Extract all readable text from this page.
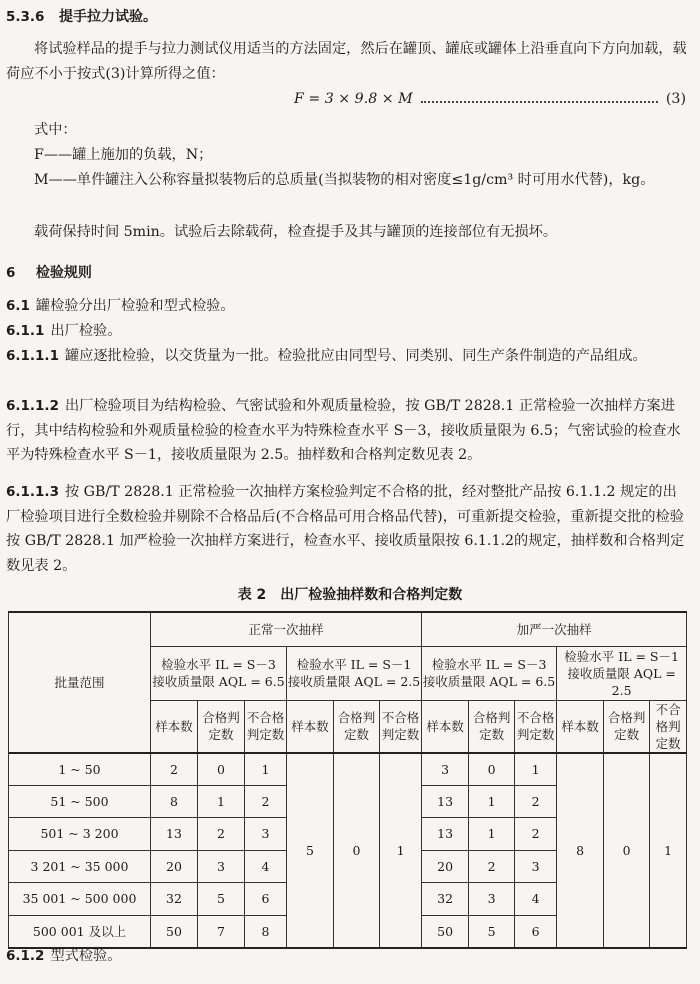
5.3.6 提手拉力试验。
将试验样品的提手与拉力测试仪用适当的方法固定，然后在罐顶、罐底或罐体上沿垂直向下方向加载，载荷应不小于按式(3)计算所得之值：
F = 3 × 9.8 × M	(3)
式中：
F——罐上施加的负载，N；
M——单件罐注入公称容量拟装物后的总质量(当拟装物的相对密度≤1g/cm³ 时可用水代替)，kg。
载荷保持时间 5min。试验后去除载荷，检查提手及其与罐顶的连接部位有无损坏。
6 检验规则
6.1 罐检验分出厂检验和型式检验。
6.1.1 出厂检验。
6.1.1.1 罐应逐批检验，以交货量为一批。检验批应由同型号、同类别、同生产条件制造的产品组成。
6.1.1.2 出厂检验项目为结构检验、气密试验和外观质量检验，按 GB/T 2828.1 正常检验一次抽样方案进行，其中结构检验和外观质量检验的检查水平为特殊检查水平 S－3，接收质量限为 6.5；气密试验的检查水平为特殊检查水平 S－1，接收质量限为 2.5。抽样数和合格判定数见表 2。
6.1.1.3 按 GB/T 2828.1 正常检验一次抽样方案检验判定不合格的批，经对整批产品按 6.1.1.2 规定的出厂检验项目进行全数检验并剔除不合格品后(不合格品可用合格品代替)，可重新提交检验，重新提交批的检验按 GB/T 2828.1 加严检验一次抽样方案进行，检查水平、接收质量限按 6.1.1.2的规定，抽样数和合格判定数见表 2。
表 2　出厂检验抽样数和合格判定数
批量范围	正常一次抽样						加严一次抽样					
	检验水平 IL = S－3
接收质量限 AQL = 6.5			检验水平 IL = S－1
接收质量限 AQL = 2.5			检验水平 IL = S－3
接收质量限 AQL = 6.5			检验水平 IL = S－1
接收质量限 AQL = 2.5		
	样本数	合格判定数	不合格判定数	样本数	合格判定数	不合格判定数	样本数	合格判定数	不合格判定数	样本数	合格判定数	不合格判定数
1 ~ 50	2	0	1	5	0	1	3	0	1	8	0	1
51 ~ 500	8	1	2				13	1	2			
501 ~ 3 200	13	2	3				13	1	2			
3 201 ~ 35 000	20	3	4				20	2	3			
35 001 ~ 500 000	32	5	6				32	3	4			
500 001 及以上	50	7	8				50	5	6			
6.1.2 型式检验。
